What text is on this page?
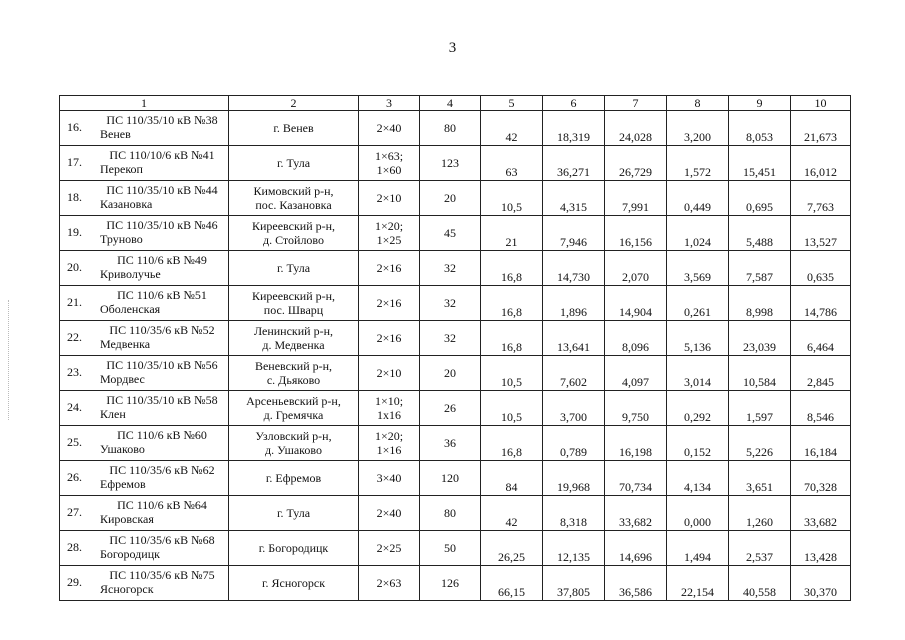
3
1	2	3	4	5	6	7	8	9	10

16. ПС 110/35/10 кВ №38
Венев	г. Венев	2×40	80	42	18,319	24,028	3,200	8,053	21,673

17. ПС 110/10/6 кВ №41
Перекоп	г. Тула	1×63;
1×60	123	63	36,271	26,729	1,572	15,451	16,012

18. ПС 110/35/10 кВ №44
Казановка	Кимовский р-н,
пос. Казановка	2×10	20	10,5	4,315	7,991	0,449	0,695	7,763

19. ПС 110/35/10 кВ №46
Труново	Киреевский р-н,
д. Стойлово	1×20;
1×25	45	21	7,946	16,156	1,024	5,488	13,527

20. ПС 110/6 кВ №49
Криволучье	г. Тула	2×16	32	16,8	14,730	2,070	3,569	7,587	0,635

21. ПС 110/6 кВ №51
Оболенская	Киреевский р-н,
пос. Шварц	2×16	32	16,8	1,896	14,904	0,261	8,998	14,786

22. ПС 110/35/6 кВ №52
Медвенка	Ленинский р-н,
д. Медвенка	2×16	32	16,8	13,641	8,096	5,136	23,039	6,464

23. ПС 110/35/10 кВ №56
Мордвес	Веневский р-н,
с. Дьяково	2×10	20	10,5	7,602	4,097	3,014	10,584	2,845

24. ПС 110/35/10 кВ №58
Клен	Арсеньевский р-н,
д. Гремячка	1×10;
1x16	26	10,5	3,700	9,750	0,292	1,597	8,546

25. ПС 110/6 кВ №60
Ушаково	Узловский р-н,
д. Ушаково	1×20;
1×16	36	16,8	0,789	16,198	0,152	5,226	16,184

26. ПС 110/35/6 кВ №62
Ефремов	г. Ефремов	3×40	120	84	19,968	70,734	4,134	3,651	70,328

27. ПС 110/6 кВ №64
Кировская	г. Тула	2×40	80	42	8,318	33,682	0,000	1,260	33,682

28. ПС 110/35/6 кВ №68
Богородицк	г. Богородицк	2×25	50	26,25	12,135	14,696	1,494	2,537	13,428

29. ПС 110/35/6 кВ №75
Ясногорск	г. Ясногорск	2×63	126	66,15	37,805	36,586	22,154	40,558	30,370
